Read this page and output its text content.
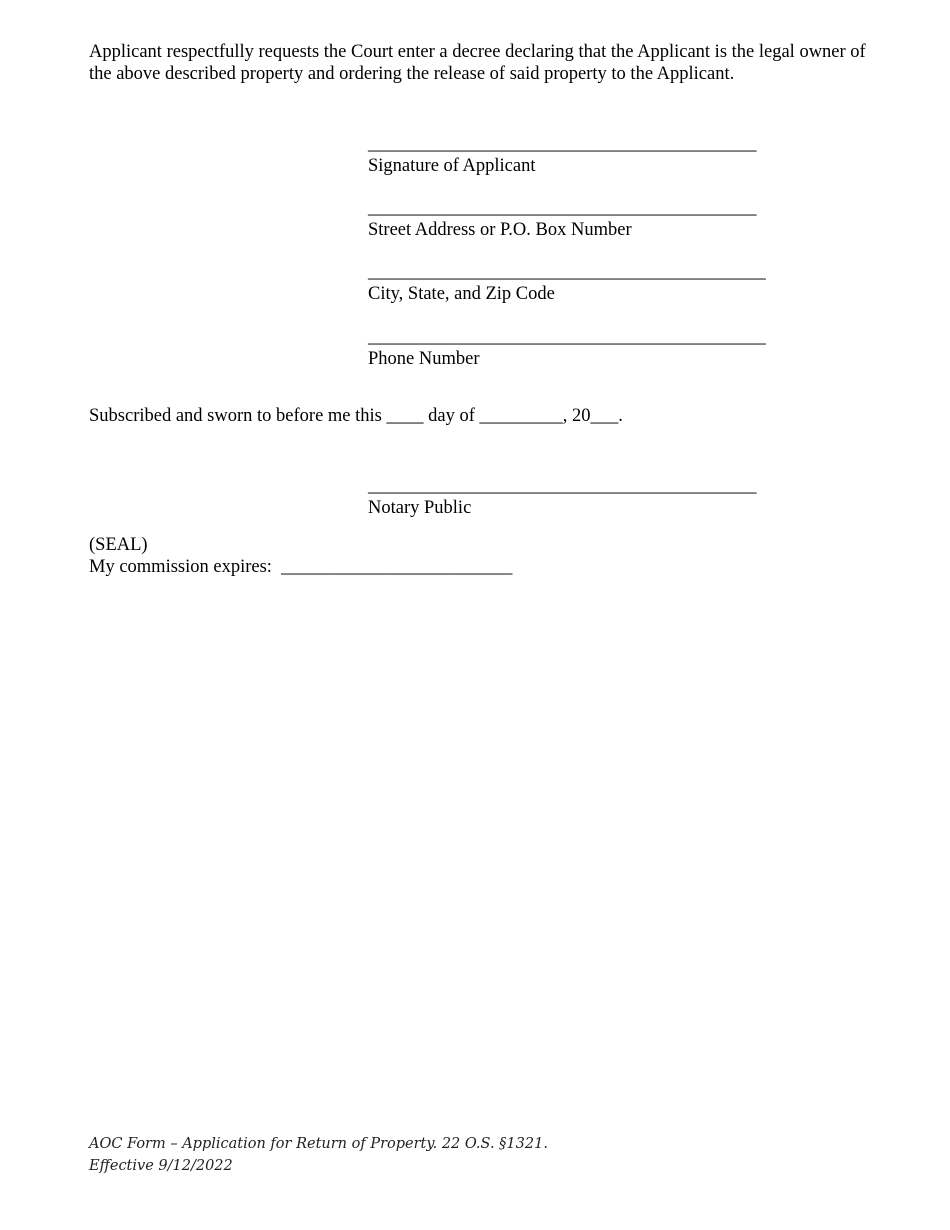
Applicant respectfully requests the Court enter a decree declaring that the Applicant is the legal owner of the above described property and ordering the release of said property to the Applicant.

__________________________________________
Signature of Applicant
__________________________________________
Street Address or P.O. Box Number
___________________________________________
City, State, and Zip Code
___________________________________________
Phone Number
Subscribed and sworn to before me this ____ day of _________, 20___.
__________________________________________
Notary Public
(SEAL)
My commission expires:  _________________________
AOC Form – Application for Return of Property. 22 O.S. §1321.
Effective 9/12/2022
